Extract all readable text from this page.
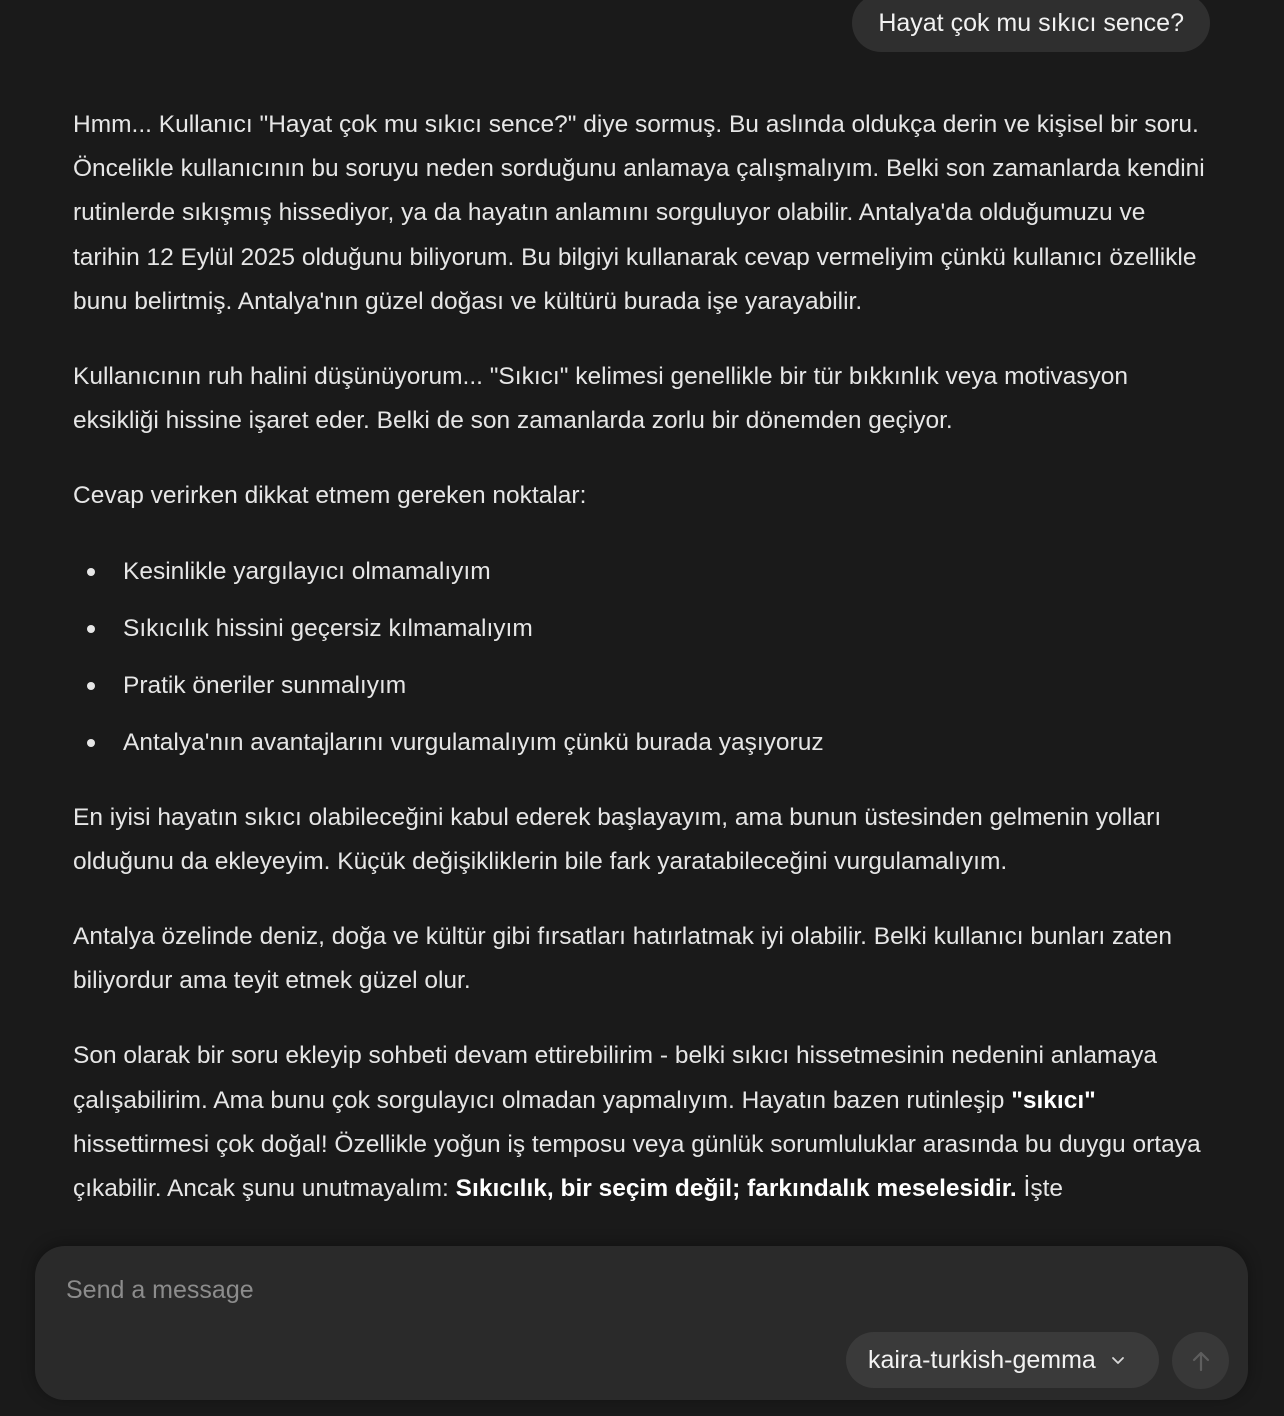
Hayat çok mu sıkıcı sence?

Hmm... Kullanıcı "Hayat çok mu sıkıcı sence?" diye sormuş. Bu aslında oldukça derin ve kişisel bir soru. Öncelikle kullanıcının bu soruyu neden sorduğunu anlamaya çalışmalıyım. Belki son zamanlarda kendini rutinlerde sıkışmış hissediyor, ya da hayatın anlamını sorguluyor olabilir. Antalya'da olduğumuzu ve tarihin 12 Eylül 2025 olduğunu biliyorum. Bu bilgiyi kullanarak cevap vermeliyim çünkü kullanıcı özellikle bunu belirtmiş. Antalya'nın güzel doğası ve kültürü burada işe yarayabilir.

Kullanıcının ruh halini düşünüyorum... "Sıkıcı" kelimesi genellikle bir tür bıkkınlık veya motivasyon eksikliği hissine işaret eder. Belki de son zamanlarda zorlu bir dönemden geçiyor.

Cevap verirken dikkat etmem gereken noktalar:

Kesinlikle yargılayıcı olmamalıyım
Sıkıcılık hissini geçersiz kılmamalıyım
Pratik öneriler sunmalıyım
Antalya'nın avantajlarını vurgulamalıyım çünkü burada yaşıyoruz

En iyisi hayatın sıkıcı olabileceğini kabul ederek başlayayım, ama bunun üstesinden gelmenin yolları olduğunu da ekleyeyim. Küçük değişikliklerin bile fark yaratabileceğini vurgulamalıyım.

Antalya özelinde deniz, doğa ve kültür gibi fırsatları hatırlatmak iyi olabilir. Belki kullanıcı bunları zaten biliyordur ama teyit etmek güzel olur.

Son olarak bir soru ekleyip sohbeti devam ettirebilirim - belki sıkıcı hissetmesinin nedenini anlamaya çalışabilirim. Ama bunu çok sorgulayıcı olmadan yapmalıyım. Hayatın bazen rutinleşip "sıkıcı" hissettirmesi çok doğal! Özellikle yoğun iş temposu veya günlük sorumluluklar arasında bu duygu ortaya çıkabilir. Ancak şunu unutmayalım: Sıkıcılık, bir seçim değil; farkındalık meselesidir. İşte

Send a message
kaira-turkish-gemma
